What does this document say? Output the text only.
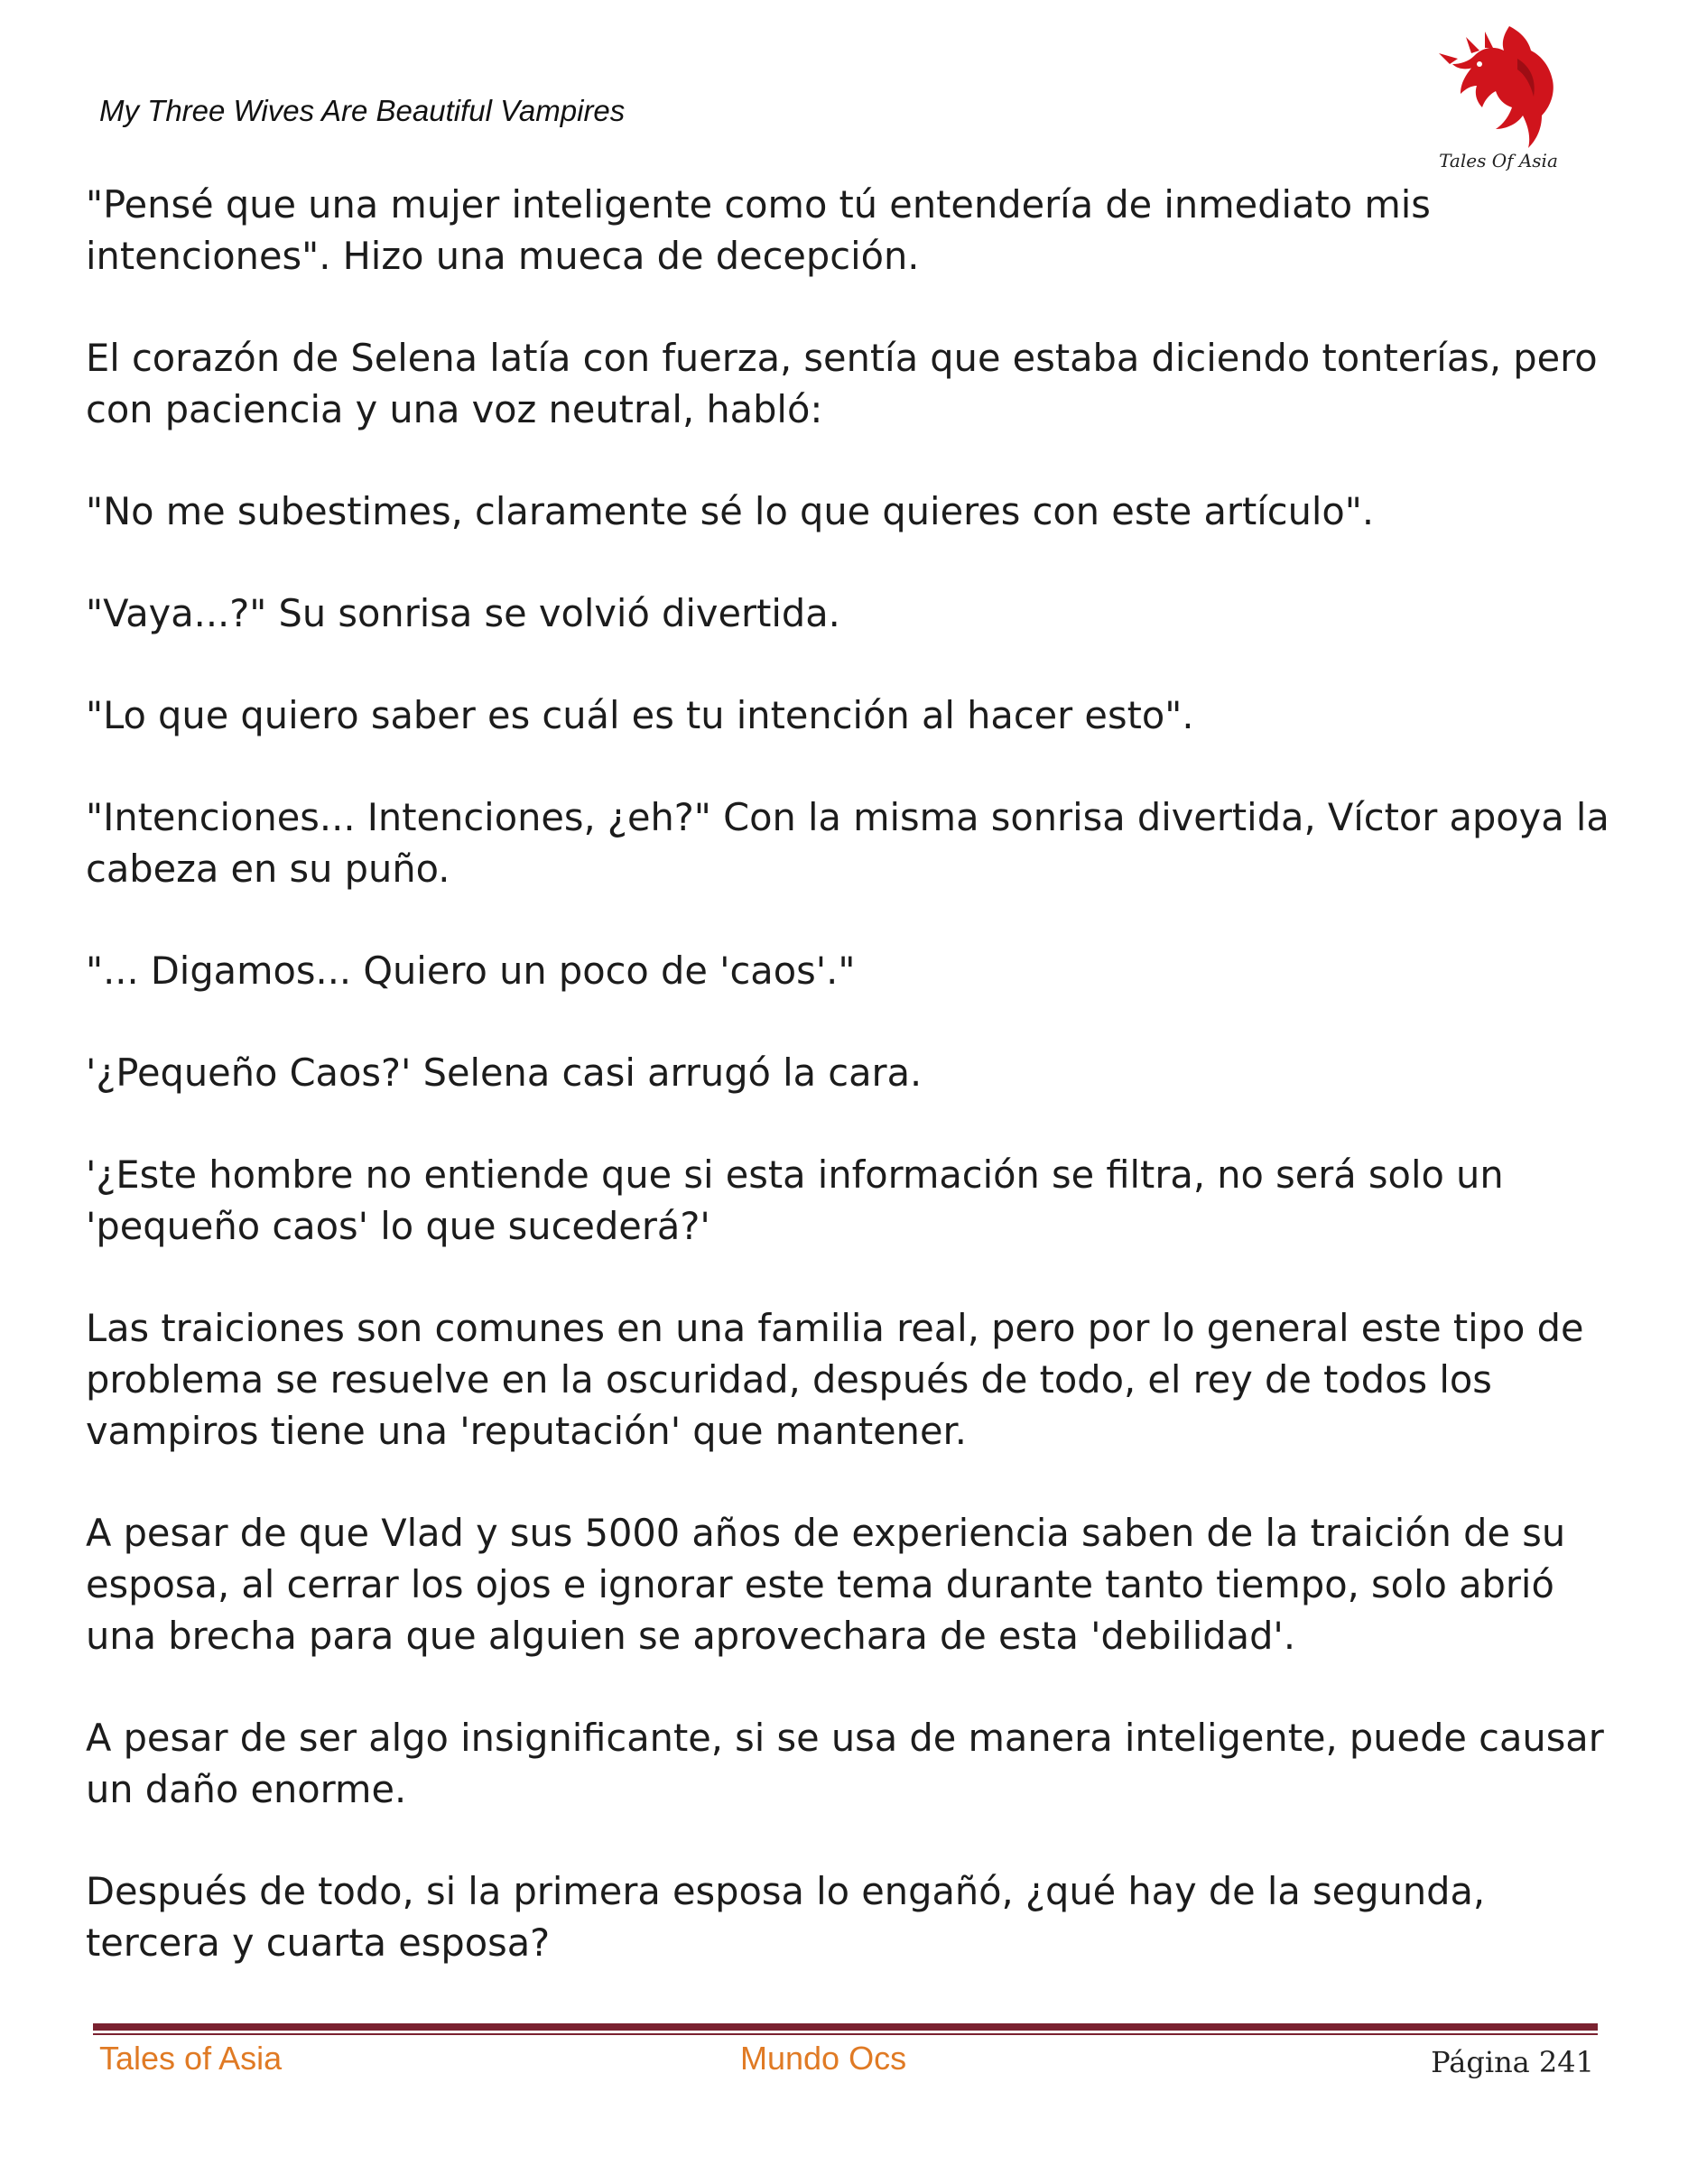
My Three Wives Are Beautiful Vampires
Tales Of Asia

"Pensé que una mujer inteligente como tú entendería de inmediato mis intenciones". Hizo una mueca de decepción.

El corazón de Selena latía con fuerza, sentía que estaba diciendo tonterías, pero con paciencia y una voz neutral, habló:

"No me subestimes, claramente sé lo que quieres con este artículo".

"Vaya...?" Su sonrisa se volvió divertida.

"Lo que quiero saber es cuál es tu intención al hacer esto".

"Intenciones... Intenciones, ¿eh?" Con la misma sonrisa divertida, Víctor apoya la cabeza en su puño.

"... Digamos... Quiero un poco de 'caos'."

'¿Pequeño Caos?' Selena casi arrugó la cara.

'¿Este hombre no entiende que si esta información se filtra, no será solo un 'pequeño caos' lo que sucederá?'

Las traiciones son comunes en una familia real, pero por lo general este tipo de problema se resuelve en la oscuridad, después de todo, el rey de todos los vampiros tiene una 'reputación' que mantener.

A pesar de que Vlad y sus 5000 años de experiencia saben de la traición de su esposa, al cerrar los ojos e ignorar este tema durante tanto tiempo, solo abrió una brecha para que alguien se aprovechara de esta 'debilidad'.

A pesar de ser algo insignificante, si se usa de manera inteligente, puede causar un daño enorme.

Después de todo, si la primera esposa lo engañó, ¿qué hay de la segunda, tercera y cuarta esposa?

Tales of Asia	Mundo Ocs	Página 241
